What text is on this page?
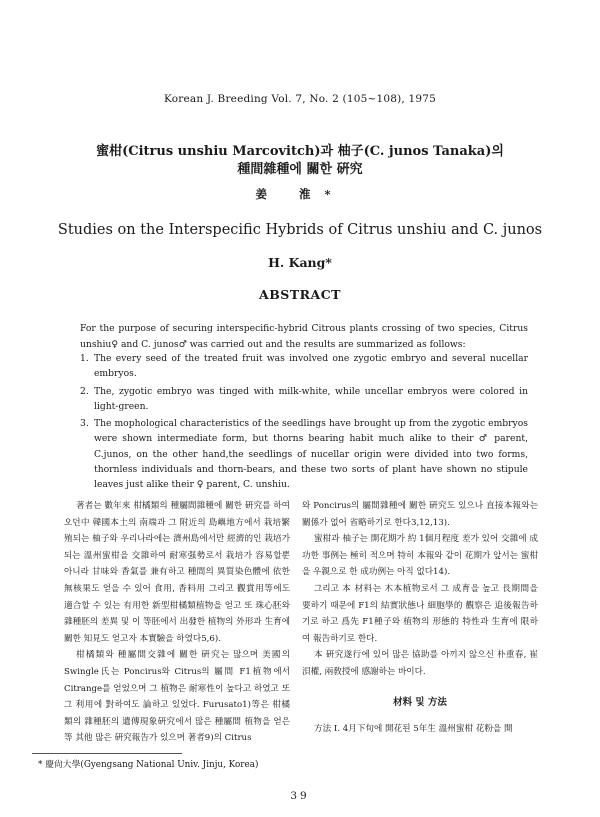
Korean J. Breeding Vol. 7, No. 2 (105~108), 1975
蜜柑(Citrus unshiu Marcovitch)과 柚子(C. junos Tanaka)의
種間雜種에 關한 硏究
姜 淮*
Studies on the Interspecific Hybrids of Citrus unshiu and C. junos
H. Kang*
ABSTRACT
For the purpose of securing interspecific-hybrid Citrous plants crossing of two species, Citrus unshiu♀ and C. junos♂ was carried out and the results are summarized as follows:
1. The every seed of the treated fruit was involved one zygotic embryo and several nucellar embryos.
2. The, zygotic embryo was tinged with milk-white, while uncellar embryos were colored in light-green.
3. The mophological characteristics of the seedlings have brought up from the zygotic embryos were shown intermediate form, but thorns bearing habit much alike to their ♂ parent, C.junos, on the other hand,the seedlings of nucellar origin were divided into two forms, thornless individuals and thorn-bears, and these two sorts of plant have shown no stipule leaves just alike their ♀ parent, C. unshiu.

著者는 數年來 柑橘類의 種屬間雜種에 關한 硏究를 하여오던中 韓國本土의 南端과 그 附近의 島嶼地方에서 栽培繁殖되는 柚子와 우리나라에는 濟州島에서만 經濟的인 栽培가 되는 溫州蜜柑을 交雜하여 耐寒强勢로서 栽培가 容易할뿐 아니라 甘味와 香氣를 兼有하고 種間의 異質染色體에 依한 無核果도 얻을 수 있어 食用, 香料用 그리고 觀賞用等에도 適合할 수 있는 有用한 新型柑橘類植物을 얻고 또 珠心胚와 雜種胚의 差異 및 이 等胚에서 出發한 植物의 外形과 生育에 關한 知見도 얻고자 本實驗을 하였다5,6).

柑橘類와 種屬間交雜에 關한 硏究는 많으며 美國의 Swingle氏는 Poncirus와 Citrus의 屬間 F1植物에서 Citrange를 얻었으며 그 植物은 耐寒性이 높다고 하였고 또 그 利用에 對하여도 論하고 있었다. Furusato1)等은 柑橘類의 雜種胚의 遺傳現象硏究에서 많은 種屬間 植物을 얻은 等 其他 많은 硏究報告가 있으며 著者9)의 Citrus

와 Poncirus의 屬間雜種에 關한 硏究도 있으나 直接本報와는 關係가 없어 省略하기로 한다3,12,13).

蜜柑과 柚子는 開花期가 約 1個月程度 差가 있어 交雜에 成功한 事例는 極히 적으며 特히 本報와 같이 花期가 앞서는 蜜柑을 우親으로 한 成功例는 아직 없다14).

그리고 本 材料는 木本植物로서 그 成育을 높고 長期間을 要하기 때문에 F1의 結實狀態나 細胞學的 觀察은 追後報告하기로 하고 爲先 F1種子와 植物의 形態的 特性과 生育에 限하여 報告하기로 한다.

本 硏究遂行에 있어 많은 協助를 아끼지 않으신 朴重春, 崔浿權, 兩敎授에 感謝하는 바이다.

材料 및 方法

方法 I. 4月下旬에 開花된 5年生 溫州蜜柑 花粉을 開

* 慶尙大學(Gyengsang National Univ. Jinju, Korea)
39
